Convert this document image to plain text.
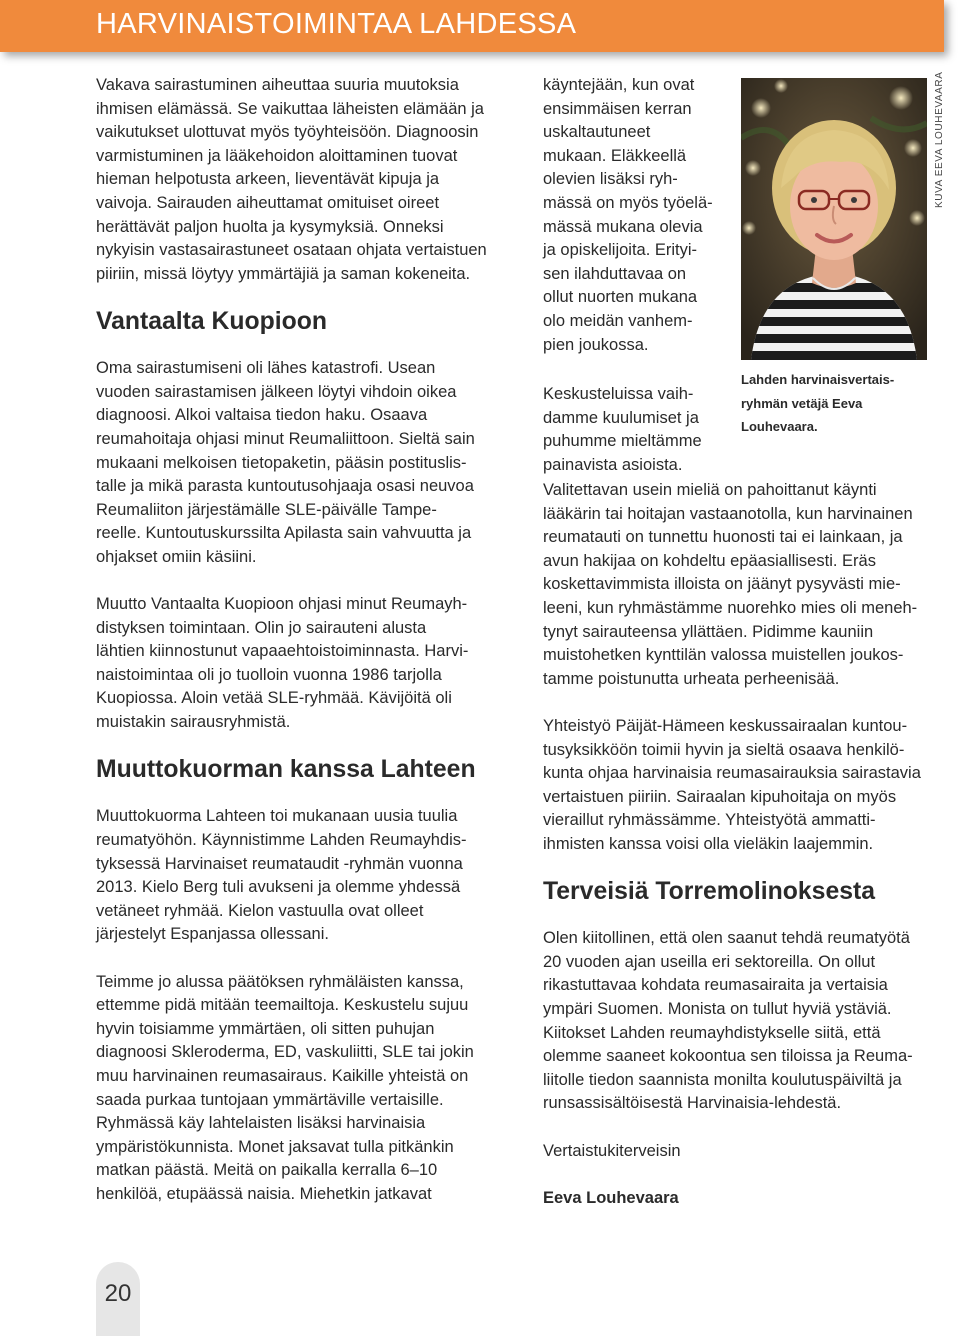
HARVINAISTOIMINTAA LAHDESSA
Vakava sairastuminen aiheuttaa suuria muutoksia
ihmisen elämässä. Se vaikuttaa läheisten elämään ja
vaikutukset ulottuvat myös työyhteisöön. Diagnoosin
varmistuminen ja lääkehoidon aloittaminen tuovat
hieman helpotusta arkeen, lieventävät kipuja ja
vaivoja. Sairauden aiheuttamat omituiset oireet
herättävät paljon huolta ja kysymyksiä. Onneksi
nykyisin vastasairastuneet osataan ohjata vertaistuen
piiriin, missä löytyy ymmärtäjiä ja saman kokeneita.
Vantaalta Kuopioon
Oma sairastumiseni oli lähes katastrofi. Usean
vuoden sairastamisen jälkeen löytyi vihdoin oikea
diagnoosi. Alkoi valtaisa tiedon haku. Osaava
reumahoitaja ohjasi minut Reumaliittoon. Sieltä sain
mukaani melkoisen tietopaketin, pääsin postituslis-
talle ja mikä parasta kuntoutusohjaaja osasi neuvoa
Reumaliiton järjestämälle SLE-päivälle Tampe-
reelle. Kuntoutuskurssilta Apilasta sain vahvuutta ja
ohjakset omiin käsiini.
Muutto Vantaalta Kuopioon ohjasi minut Reumayh-
distyksen toimintaan. Olin jo sairauteni alusta
lähtien kiinnostunut vapaaehtoistoiminnasta. Harvi-
naistoimintaa oli jo tuolloin vuonna 1986 tarjolla
Kuopiossa. Aloin vetää SLE-ryhmää. Kävijöitä oli
muistakin sairausryhmistä.
Muuttokuorman kanssa Lahteen
Muuttokuorma Lahteen toi mukanaan uusia tuulia
reumatyöhön. Käynnistimme Lahden Reumayhdis-
tyksessä Harvinaiset reumataudit -ryhmän vuonna
2013. Kielo Berg tuli avukseni ja olemme yhdessä
vetäneet ryhmää. Kielon vastuulla ovat olleet
järjestelyt Espanjassa ollessani.
Teimme jo alussa päätöksen ryhmäläisten kanssa,
ettemme pidä mitään teemailtoja. Keskustelu sujuu
hyvin toisiamme ymmärtäen, oli sitten puhujan
diagnoosi Skleroderma, ED, vaskuliitti, SLE tai jokin
muu harvinainen reumasairaus. Kaikille yhteistä on
saada purkaa tuntojaan ymmärtäville vertaisille.
Ryhmässä käy lahtelaisten lisäksi harvinaisia
ympäristökunnista. Monet jaksavat tulla pitkänkin
matkan päästä. Meitä on paikalla kerralla 6–10
henkilöä, etupäässä naisia. Miehetkin jatkavat
käyntejään, kun ovat
ensimmäisen kerran
uskaltautuneet
mukaan. Eläkkeellä
olevien lisäksi ryh-
mässä on myös työelä-
mässä mukana olevia
ja opiskelijoita. Erityi-
sen ilahduttavaa on
ollut nuorten mukana
olo meidän vanhem-
pien joukossa.
Keskusteluissa vaih-
damme kuulumiset ja
puhumme mieltämme
painavista asioista.
Valitettavan usein mieliä on pahoittanut käynti
lääkärin tai hoitajan vastaanotolla, kun harvinainen
reumatauti on tunnettu huonosti tai ei lainkaan, ja
avun hakijaa on kohdeltu epäasiallisesti. Eräs
koskettavimmista illoista on jäänyt pysyvästi mie-
leeni, kun ryhmästämme nuorehko mies oli meneh-
tynyt sairauteensa yllättäen. Pidimme kauniin
muistohetken kynttilän valossa muistellen joukos-
tamme poistunutta urheata perheenisää.
Yhteistyö Päijät-Hämeen keskussairaalan kuntou-
tusyksikköön toimii hyvin ja sieltä osaava henkilö-
kunta ohjaa harvinaisia reumasairauksia sairastavia
vertaistuen piiriin. Sairaalan kipuhoitaja on myös
vieraillut ryhmässämme. Yhteistyötä ammatti-
ihmisten kanssa voisi olla vieläkin laajemmin.
Terveisiä Torremolinoksesta
Olen kiitollinen, että olen saanut tehdä reumatyötä
20 vuoden ajan useilla eri sektoreilla. On ollut
rikastuttavaa kohdata reumasairaita ja vertaisia
ympäri Suomen. Monista on tullut hyviä ystäviä.
Kiitokset Lahden reumayhdistykselle siitä, että
olemme saaneet kokoontua sen tiloissa ja Reuma-
liitolle tiedon saannista monilta koulutuspäiviltä ja
runsassisältöisestä Harvinaisia-lehdestä.
Vertaistukiterveisin
Eeva Louhevaara
KUVA EEVA LOUHEVAARA
Lahden harvinaisvertais-
ryhmän vetäjä Eeva
Louhevaara.
20
